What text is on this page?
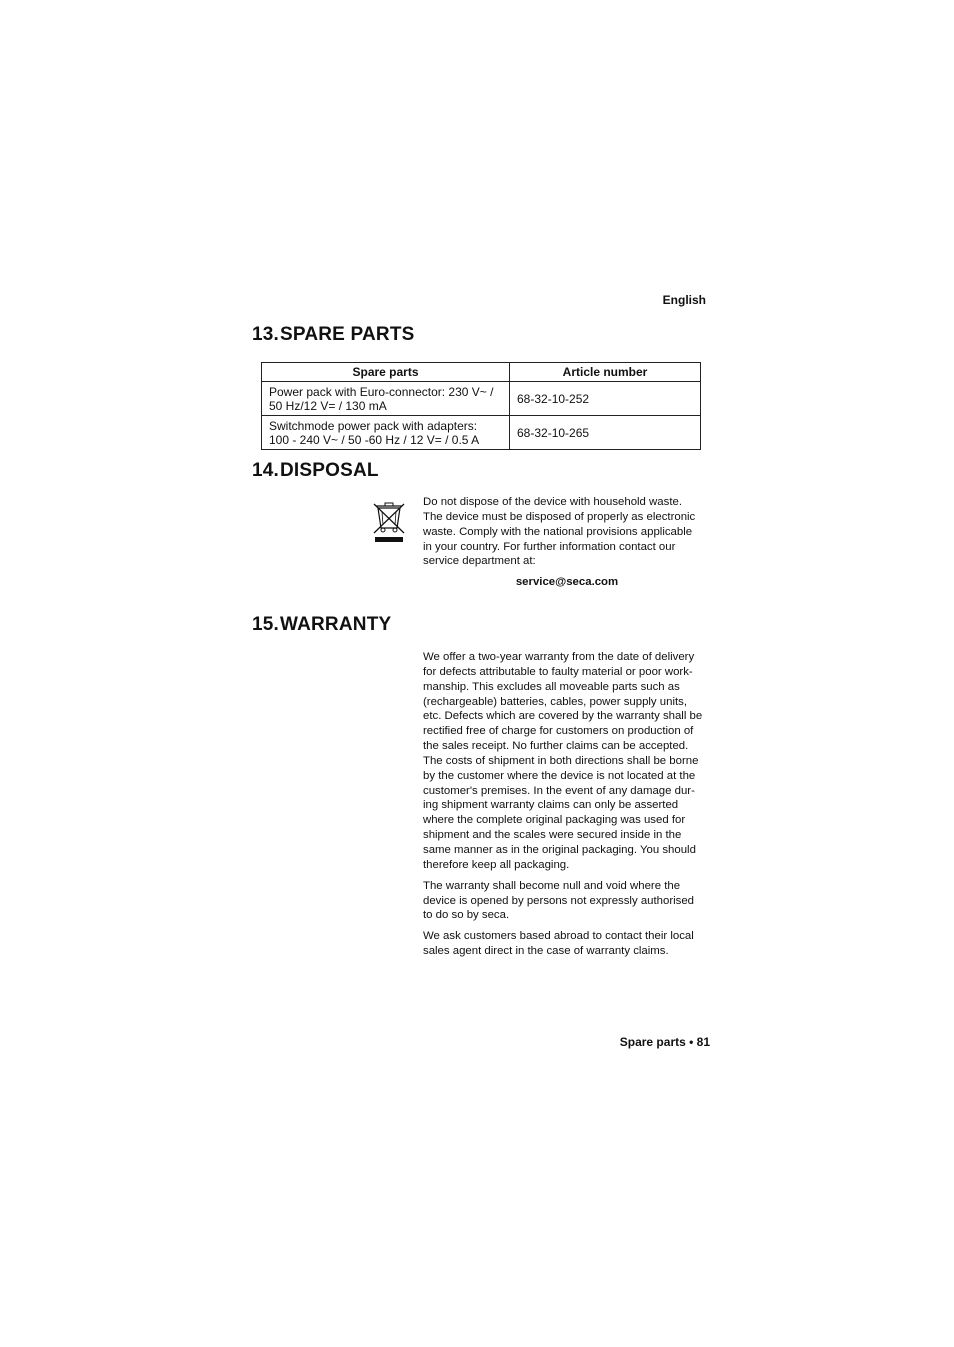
English
13.SPARE PARTS
Spare parts	Article number
Power pack with Euro-connector: 230 V~ /
50 Hz/12 V= / 130 mA	68-32-10-252
Switchmode power pack with adapters:
100 - 240 V~ / 50 -60 Hz / 12 V= / 0.5 A	68-32-10-265
14.DISPOSAL
Do not dispose of the device with household waste.
The device must be disposed of properly as electronic
waste. Comply with the national provisions applicable
in your country. For further information contact our
service department at:
service@seca.com
15.WARRANTY

We offer a two-year warranty from the date of delivery
for defects attributable to faulty material or poor work-
manship. This excludes all moveable parts such as
(rechargeable) batteries, cables, power supply units,
etc. Defects which are covered by the warranty shall be
rectified free of charge for customers on production of
the sales receipt. No further claims can be accepted.
The costs of shipment in both directions shall be borne
by the customer where the device is not located at the
customer's premises. In the event of any damage dur-
ing shipment warranty claims can only be asserted
where the complete original packaging was used for
shipment and the scales were secured inside in the
same manner as in the original packaging. You should
therefore keep all packaging.

The warranty shall become null and void where the
device is opened by persons not expressly authorised
to do so by seca.

We ask customers based abroad to contact their local
sales agent direct in the case of warranty claims.

Spare parts • 81
